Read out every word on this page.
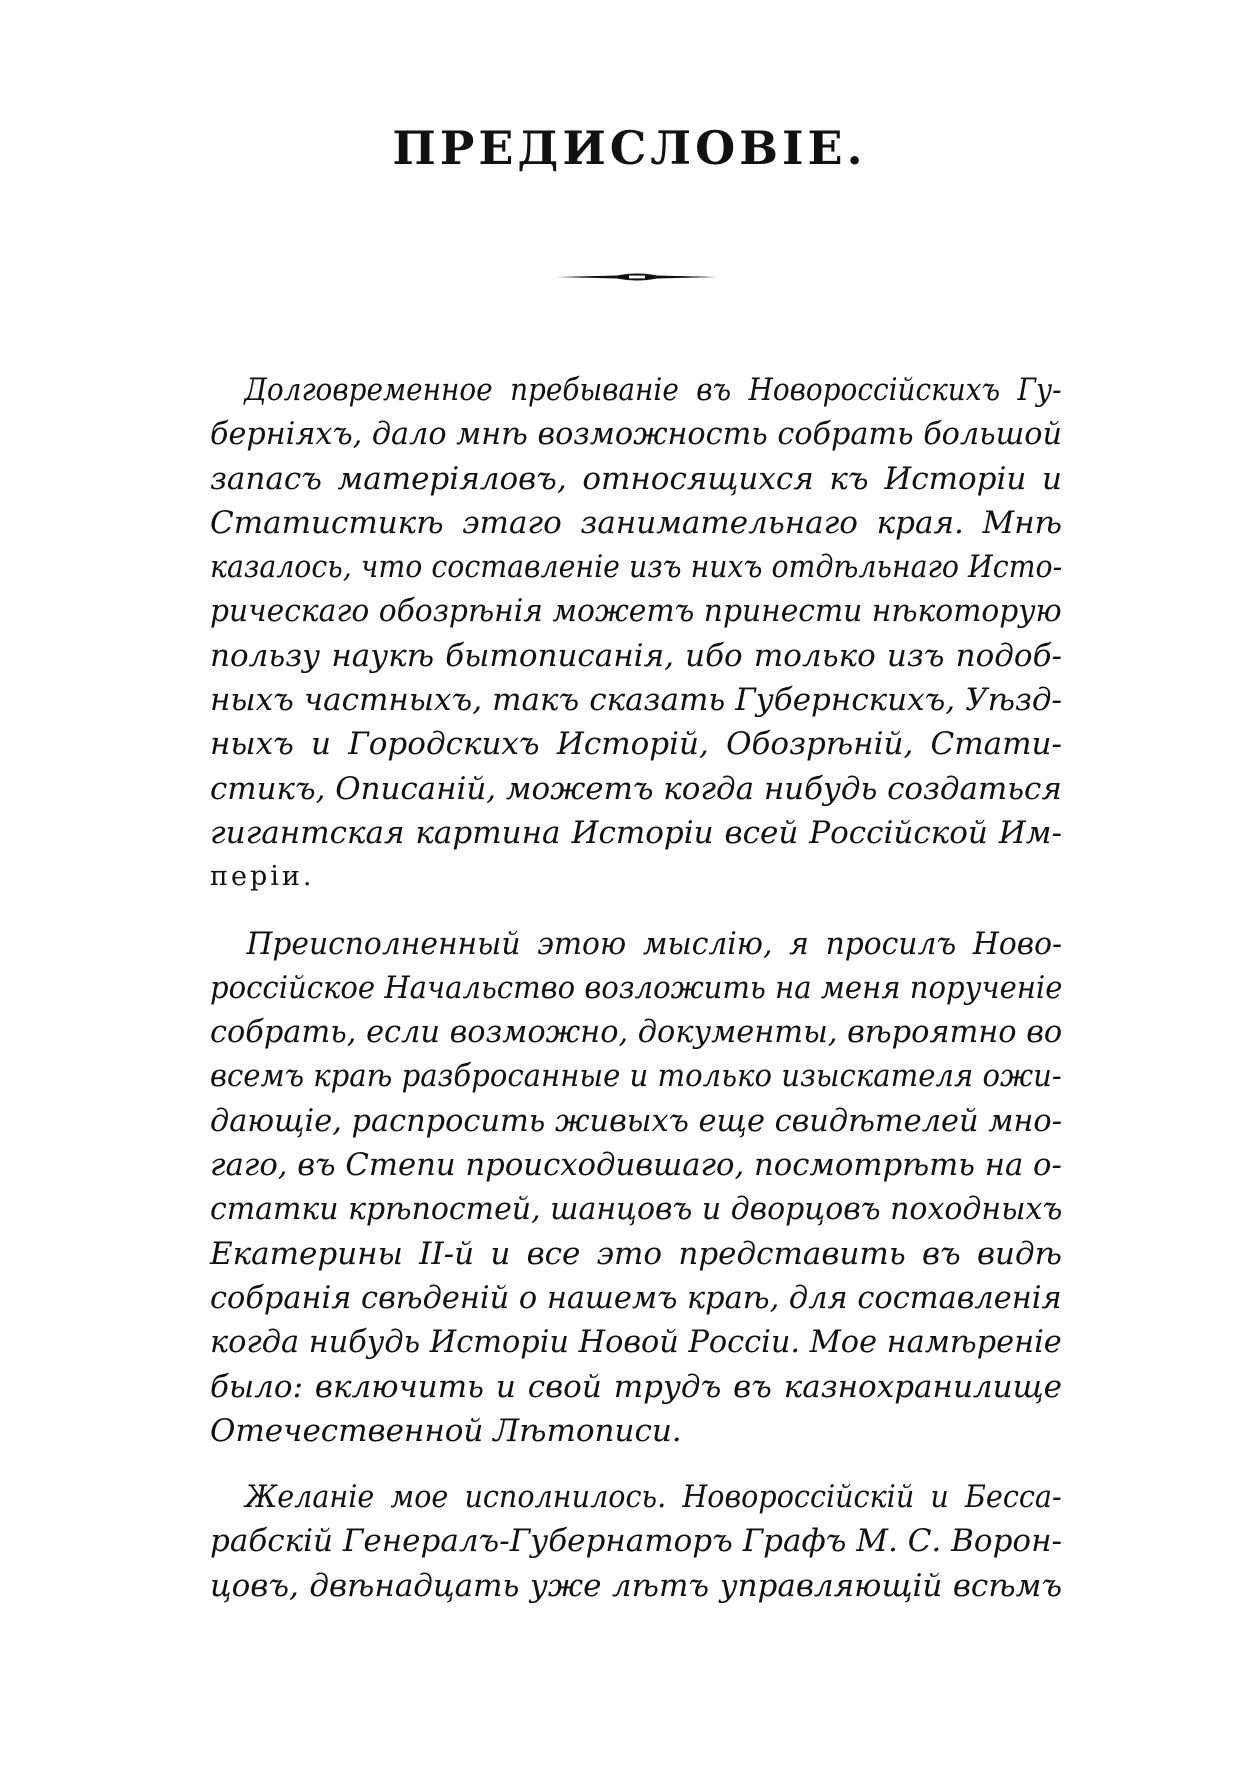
ПРЕДИСЛОВIЕ.

Долговременное пребыванiе въ Новороссiйскихъ Гу-
берніяхъ, дало мнѣ возможность собрать большой
запасъ матерiяловъ, относящихся къ Исторiи и
Статистикѣ этаго занимательнаго края. Мнѣ
казалось, что составленiе изъ нихъ отдѣльнаго Исто-
рическаго обозрѣнiя можетъ принести нѣкоторую
пользу наукѣ бытописанiя, ибо только изъ подоб-
ныхъ частныхъ, такъ сказать Губернскихъ, Уѣзд-
ныхъ и Городскихъ Исторiй, Обозрѣнiй, Стати-
стикъ, Описанiй, можетъ когда нибудь создаться
гигантская картина Исторiи всей Россiйской Им-
перiи.

Преисполненный этою мыслiю, я просилъ Ново-
россiйское Начальство возложить на меня порученiе
собрать, если возможно, документы, вѣроятно во
всемъ краѣ разбросанные и только изыскателя ожи-
дающiе, распросить живыхъ еще свидѣтелей мно-
гаго, въ Степи происходившаго, посмотрѣть на о-
статки крѣпостей, шанцовъ и дворцовъ походныхъ
Екатерины II-й и все это представить въ видѣ
собранiя свѣденiй о нашемъ краѣ, для составленiя
когда нибудь Исторiи Новой Россiи. Мое намѣренiе
было: включить и свой трудъ въ казнохранилище
Отечественной Лѣтописи.

Желанiе мое исполнилось. Новороссiйскiй и Бесса-
рабскiй Генералъ-Губернаторъ Графъ М. С. Ворон-
цовъ, двѣнадцать уже лѣтъ управляющiй всѣмъ
